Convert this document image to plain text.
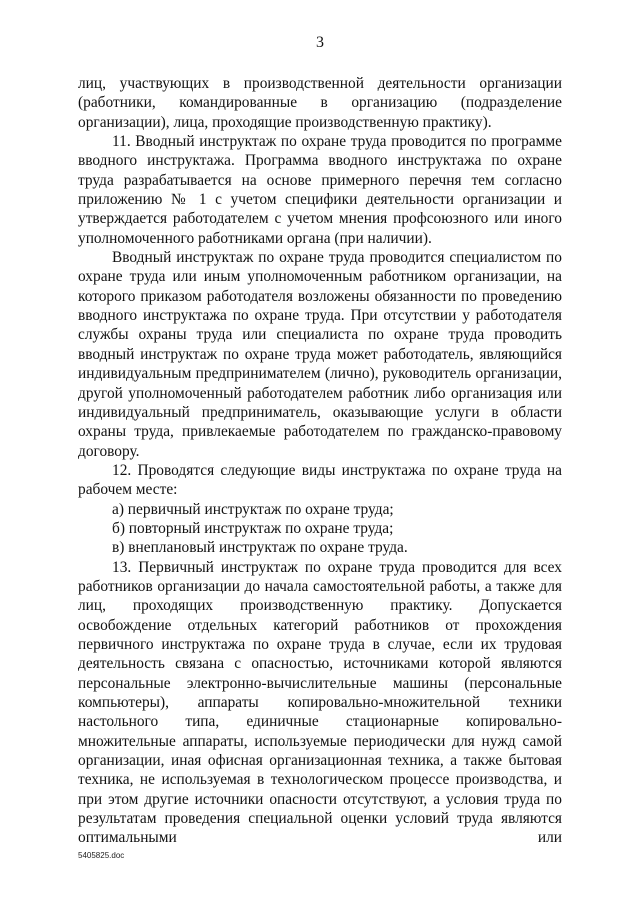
3

лиц, участвующих в производственной деятельности организации (работники, командированные в организацию (подразделение организации), лица, проходящие производственную практику).

11. Вводный инструктаж по охране труда проводится по программе вводного инструктажа. Программа вводного инструктажа по охране труда разрабатывается на основе примерного перечня тем согласно приложению № 1 с учетом специфики деятельности организации и утверждается работодателем с учетом мнения профсоюзного или иного уполномоченного работниками органа (при наличии).

Вводный инструктаж по охране труда проводится специалистом по охране труда или иным уполномоченным работником организации, на которого приказом работодателя возложены обязанности по проведению вводного инструктажа по охране труда. При отсутствии у работодателя службы охраны труда или специалиста по охране труда проводить вводный инструктаж по охране труда может работодатель, являющийся индивидуальным предпринимателем (лично), руководитель организации, другой уполномоченный работодателем работник либо организация или индивидуальный предприниматель, оказывающие услуги в области охраны труда, привлекаемые работодателем по гражданско-правовому договору.

12. Проводятся следующие виды инструктажа по охране труда на рабочем месте:

а) первичный инструктаж по охране труда;

б) повторный инструктаж по охране труда;

в) внеплановый инструктаж по охране труда.

13. Первичный инструктаж по охране труда проводится для всех работников организации до начала самостоятельной работы, а также для лиц, проходящих производственную практику. Допускается освобождение отдельных категорий работников от прохождения первичного инструктажа по охране труда в случае, если их трудовая деятельность связана с опасностью, источниками которой являются персональные электронно-вычислительные машины (персональные компьютеры), аппараты копировально-множительной техники настольного типа, единичные стационарные копировально-множительные аппараты, используемые периодически для нужд самой организации, иная офисная организационная техника, а также бытовая техника, не используемая в технологическом процессе производства, и при этом другие источники опасности отсутствуют, а условия труда по результатам проведения специальной оценки условий труда являются оптимальными или

5405825.doc
